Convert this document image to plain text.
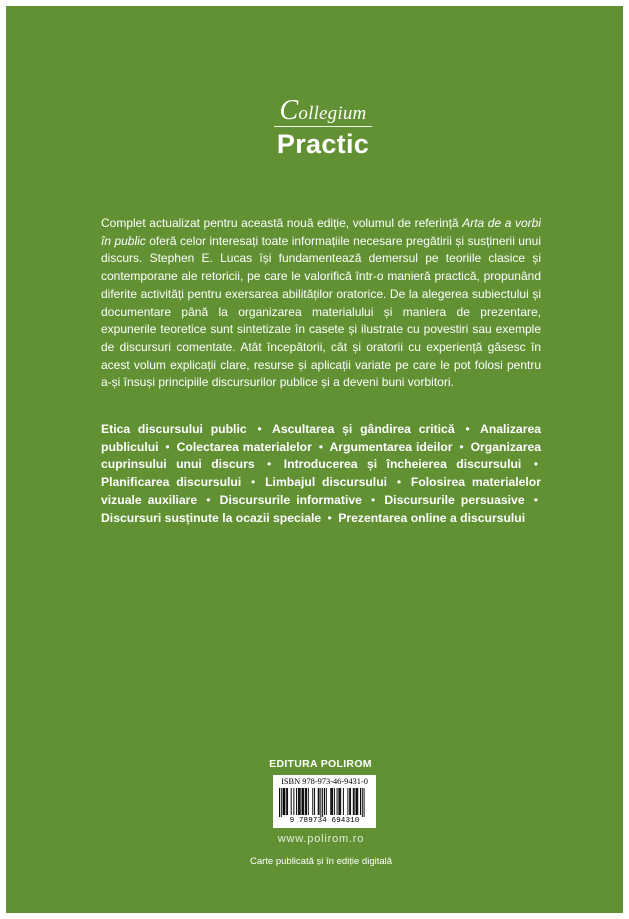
Collegium
Practic
Complet actualizat pentru această nouă ediție, volumul de referință Arta de a vorbi în public oferă celor interesați toate informațiile necesare pregătirii și susținerii unui discurs. Stephen E. Lucas își fundamentează demersul pe teoriile clasice și contemporane ale retoricii, pe care le valorifică într-o manieră practică, propunând diferite activități pentru exersarea abilităților oratorice. De la alegerea subiectului și documentare până la organizarea materialului și maniera de prezentare, expunerile teoretice sunt sintetizate în casete și ilustrate cu povestiri sau exemple de discursuri comentate. Atât începătorii, cât și oratorii cu experiență găsesc în acest volum explicații clare, resurse și aplicații variate pe care le pot folosi pentru a-și însuși principiile discursurilor publice și a deveni buni vorbitori.
Etica discursului public • Ascultarea și gândirea critică • Analizarea publicului • Colectarea materialelor • Argumentarea ideilor • Organizarea cuprinsului unui discurs • Introducerea și încheierea discursului • Planificarea discursului • Limbajul discursului • Folosirea materialelor vizuale auxiliare • Discursurile informative • Discursurile persuasive • Discursuri susținute la ocazii speciale • Prezentarea online a discursului
EDITURA POLIROM
ISBN 978-973-46-9431-0
9 789734 694310
www.polirom.ro
Carte publicată și în ediție digitală
